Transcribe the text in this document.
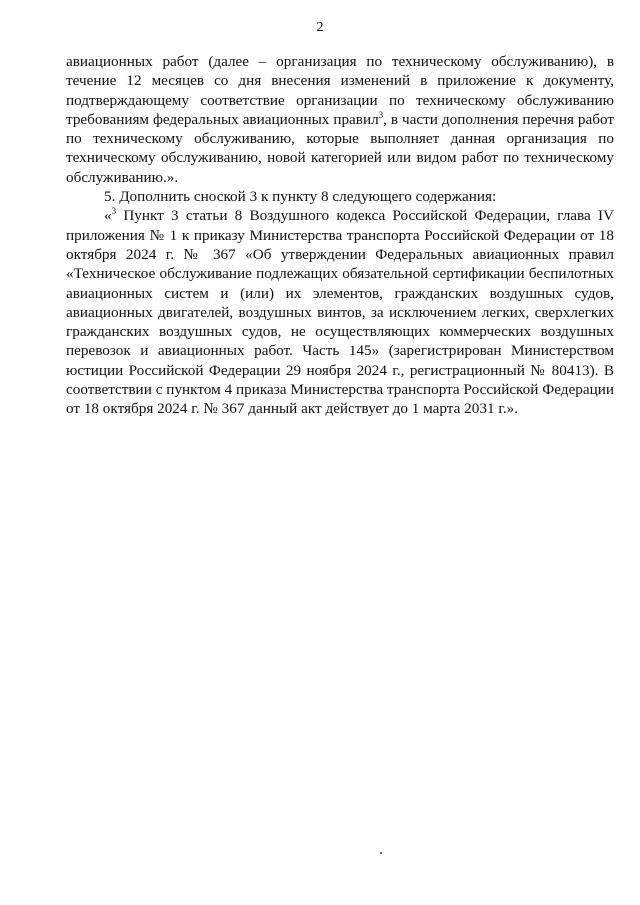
2

авиационных работ (далее – организация по техническому обслуживанию), в течение 12 месяцев со дня внесения изменений в приложение к документу, подтверждающему соответствие организации по техническому обслуживанию требованиям федеральных авиационных правил$^3$, в части дополнения перечня работ по техническому обслуживанию, которые выполняет данная организация по техническому обслуживанию, новой категорией или видом работ по техническому обслуживанию.».

5. Дополнить сноской 3 к пункту 8 следующего содержания:

«$^3$ Пункт 3 статьи 8 Воздушного кодекса Российской Федерации, глава IV приложения № 1 к приказу Министерства транспорта Российской Федерации от 18 октября 2024 г. № 367 «Об утверждении Федеральных авиационных правил «Техническое обслуживание подлежащих обязательной сертификации беспилотных авиационных систем и (или) их элементов, гражданских воздушных судов, авиационных двигателей, воздушных винтов, за исключением легких, сверхлегких гражданских воздушных судов, не осуществляющих коммерческих воздушных перевозок и авиационных работ. Часть 145» (зарегистрирован Министерством юстиции Российской Федерации 29 ноября 2024 г., регистрационный № 80413). В соответствии с пунктом 4 приказа Министерства транспорта Российской Федерации от 18 октября 2024 г. № 367 данный акт действует до 1 марта 2031 г.».
